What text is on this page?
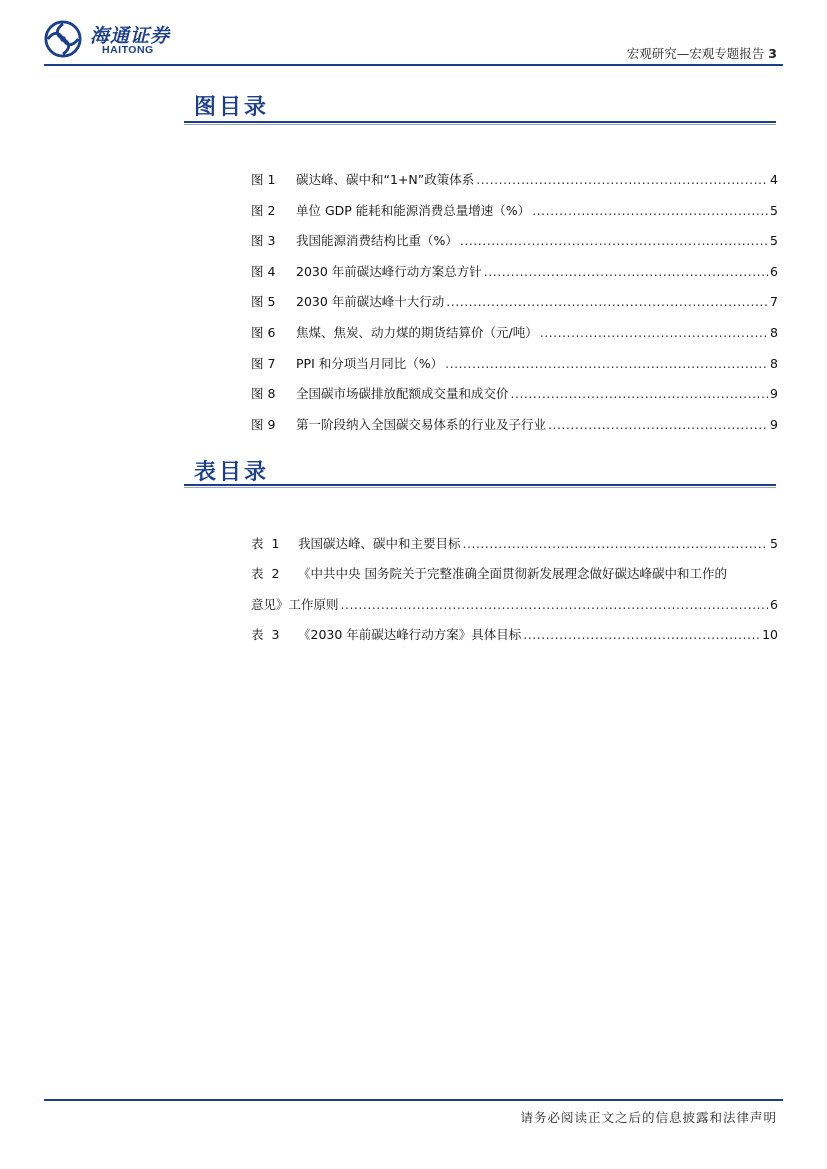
海通证券
HAITONG	宏观研究—宏观专题报告 3
图目录
图 1	碳达峰、碳中和“1+N”政策体系 .....	4
图 2	单位 GDP 能耗和能源消费总量增速（%） .....	5
图 3	我国能源消费结构比重（%） .....	5
图 4	2030 年前碳达峰行动方案总方针 .....	6
图 5	2030 年前碳达峰十大行动 .....	7
图 6	焦煤、焦炭、动力煤的期货结算价（元/吨） .....	8
图 7	PPI 和分项当月同比（%） .....	8
图 8	全国碳市场碳排放配额成交量和成交价 .....	9
图 9	第一阶段纳入全国碳交易体系的行业及子行业 .....	9
表目录
表 1	我国碳达峰、碳中和主要目标 .....	5
表 2	《中共中央 国务院关于完整准确全面贯彻新发展理念做好碳达峰碳中和工作的
意见》工作原则 .....	6
表 3	《2030 年前碳达峰行动方案》具体目标 .....	10
请务必阅读正文之后的信息披露和法律声明
